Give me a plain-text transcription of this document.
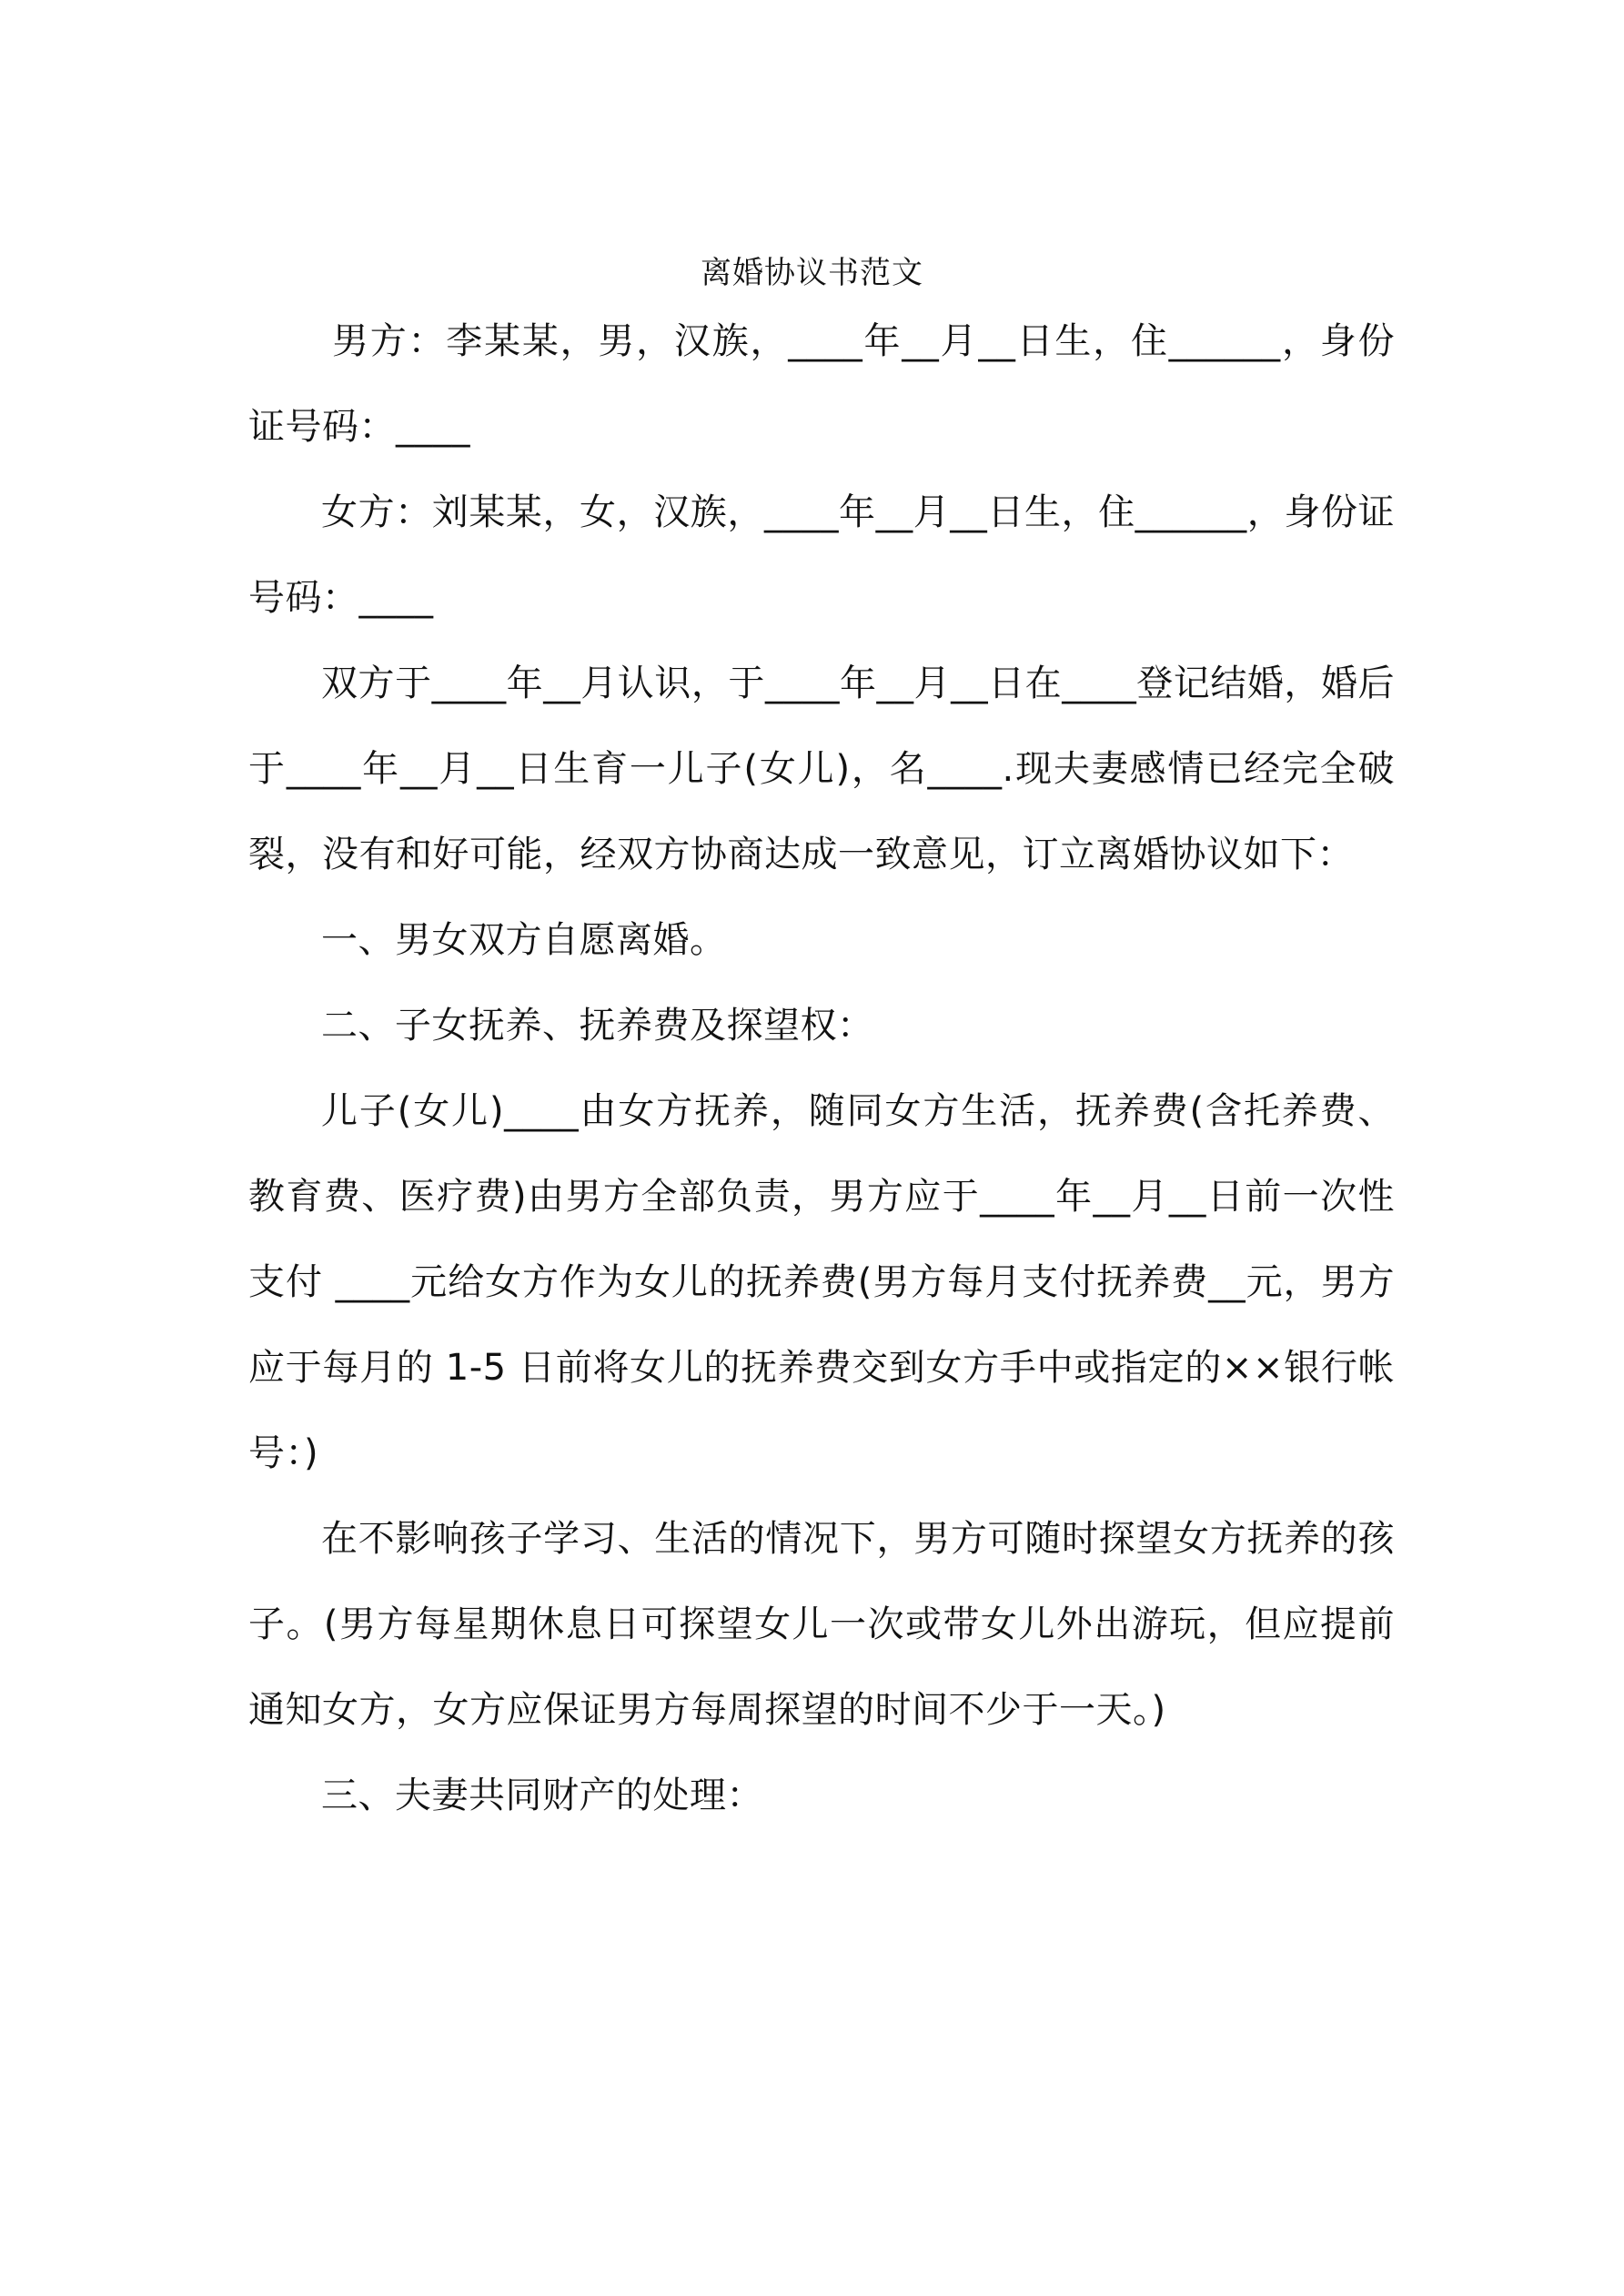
离婚协议书范文

男方：李某某，男，汉族，____年__月__日生，住______，身份证号码：____

女方：刘某某，女，汉族，____年__月__日生，住______，身份证号码：____

双方于____年__月认识，于____年__月__日在____登记结婚，婚后于____年__月__日生育一儿子(女儿)，名____.现夫妻感情已经完全破裂，没有和好可能，经双方协商达成一致意见，订立离婚协议如下：

一、男女双方自愿离婚。

二、子女抚养、抚养费及探望权：

儿子(女儿)____由女方抚养，随同女方生活，抚养费(含托养费、教育费、医疗费)由男方全部负责，男方应于____年__月__日前一次性支付 ____元给女方作为女儿的抚养费(男方每月支付抚养费__元，男方应于每月的 1-5 日前将女儿的抚养费交到女方手中或指定的××银行帐号：)

在不影响孩子学习、生活的情况下，男方可随时探望女方抚养的孩子。(男方每星期休息日可探望女儿一次或带女儿外出游玩，但应提前通知女方，女方应保证男方每周探望的时间不少于一天。)

三、夫妻共同财产的处理：
